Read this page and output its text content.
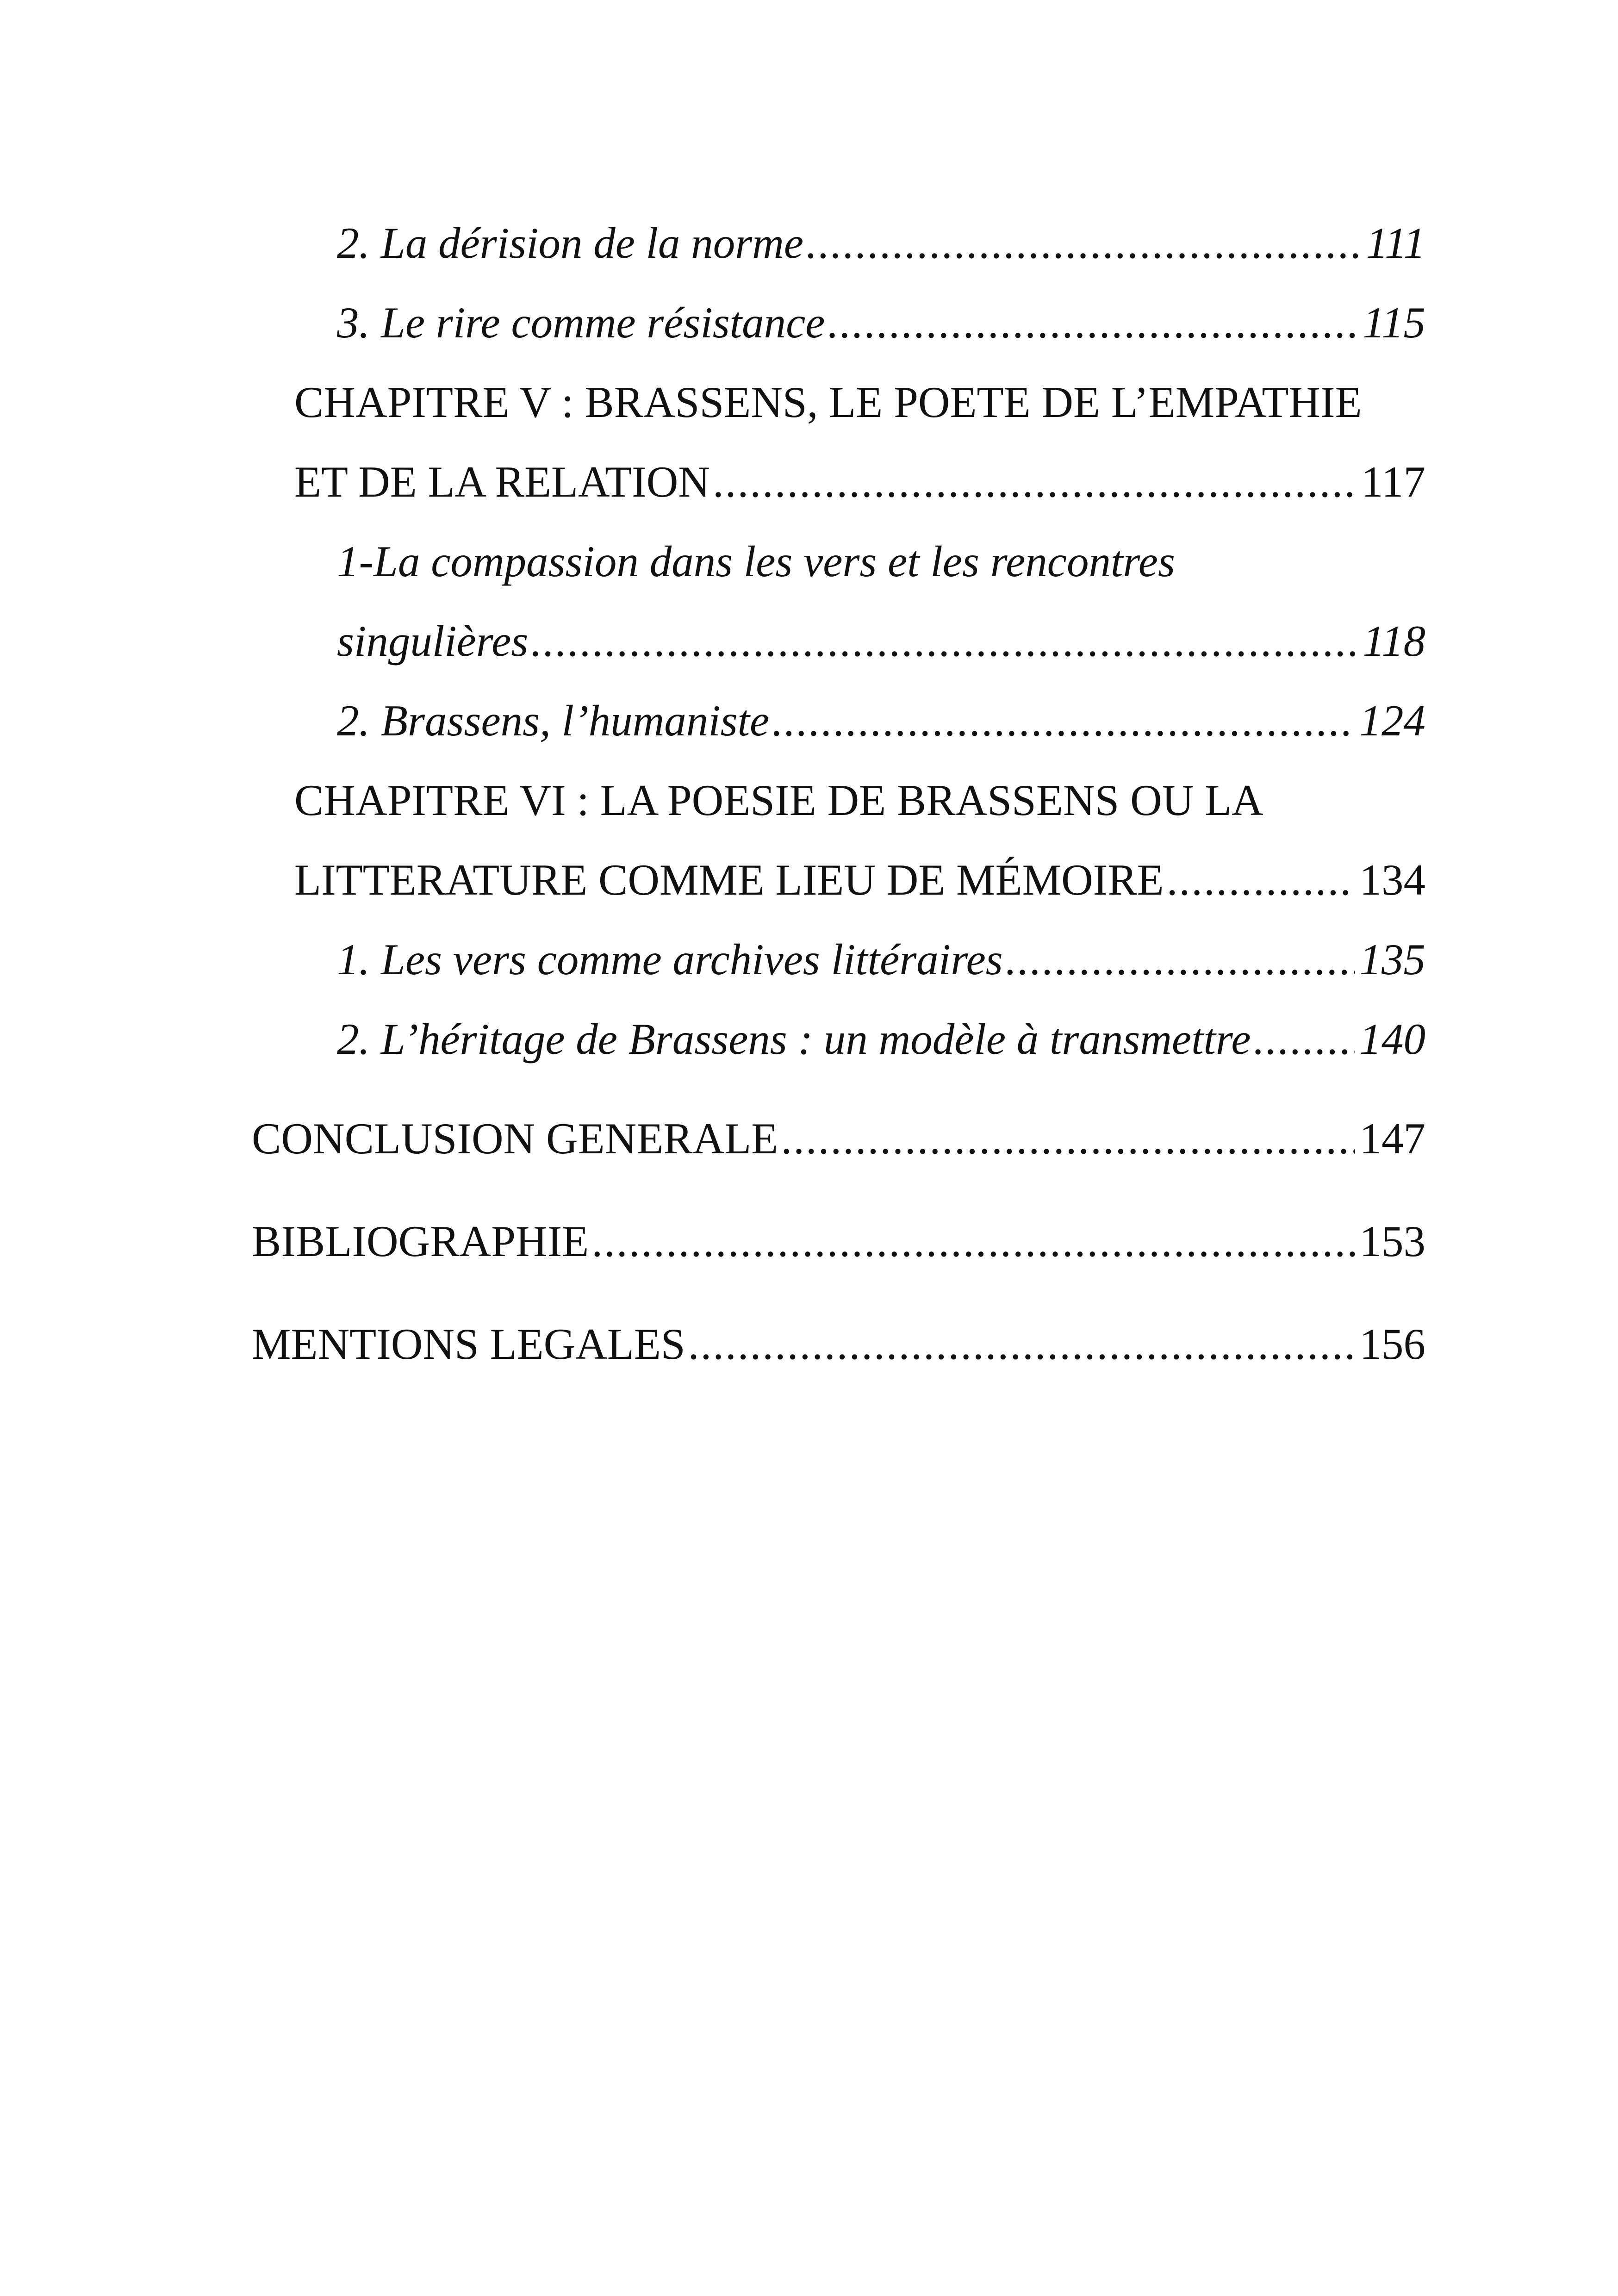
2. La dérision de la norme .....	111
3. Le rire comme résistance .....	115
CHAPITRE V : BRASSENS, LE POETE DE L’EMPATHIE
ET DE LA RELATION .....	117
1-La compassion dans les vers et les rencontres
singulières .....	118
2. Brassens, l’humaniste .....	124
CHAPITRE VI : LA POESIE DE BRASSENS OU LA
LITTERATURE COMME LIEU DE MÉMOIRE .....	134
1. Les vers comme archives littéraires .....	135
2. L’héritage de Brassens : un modèle à transmettre ..... 140
CONCLUSION GENERALE .....	147
BIBLIOGRAPHIE .....	153
MENTIONS LEGALES .....	156
